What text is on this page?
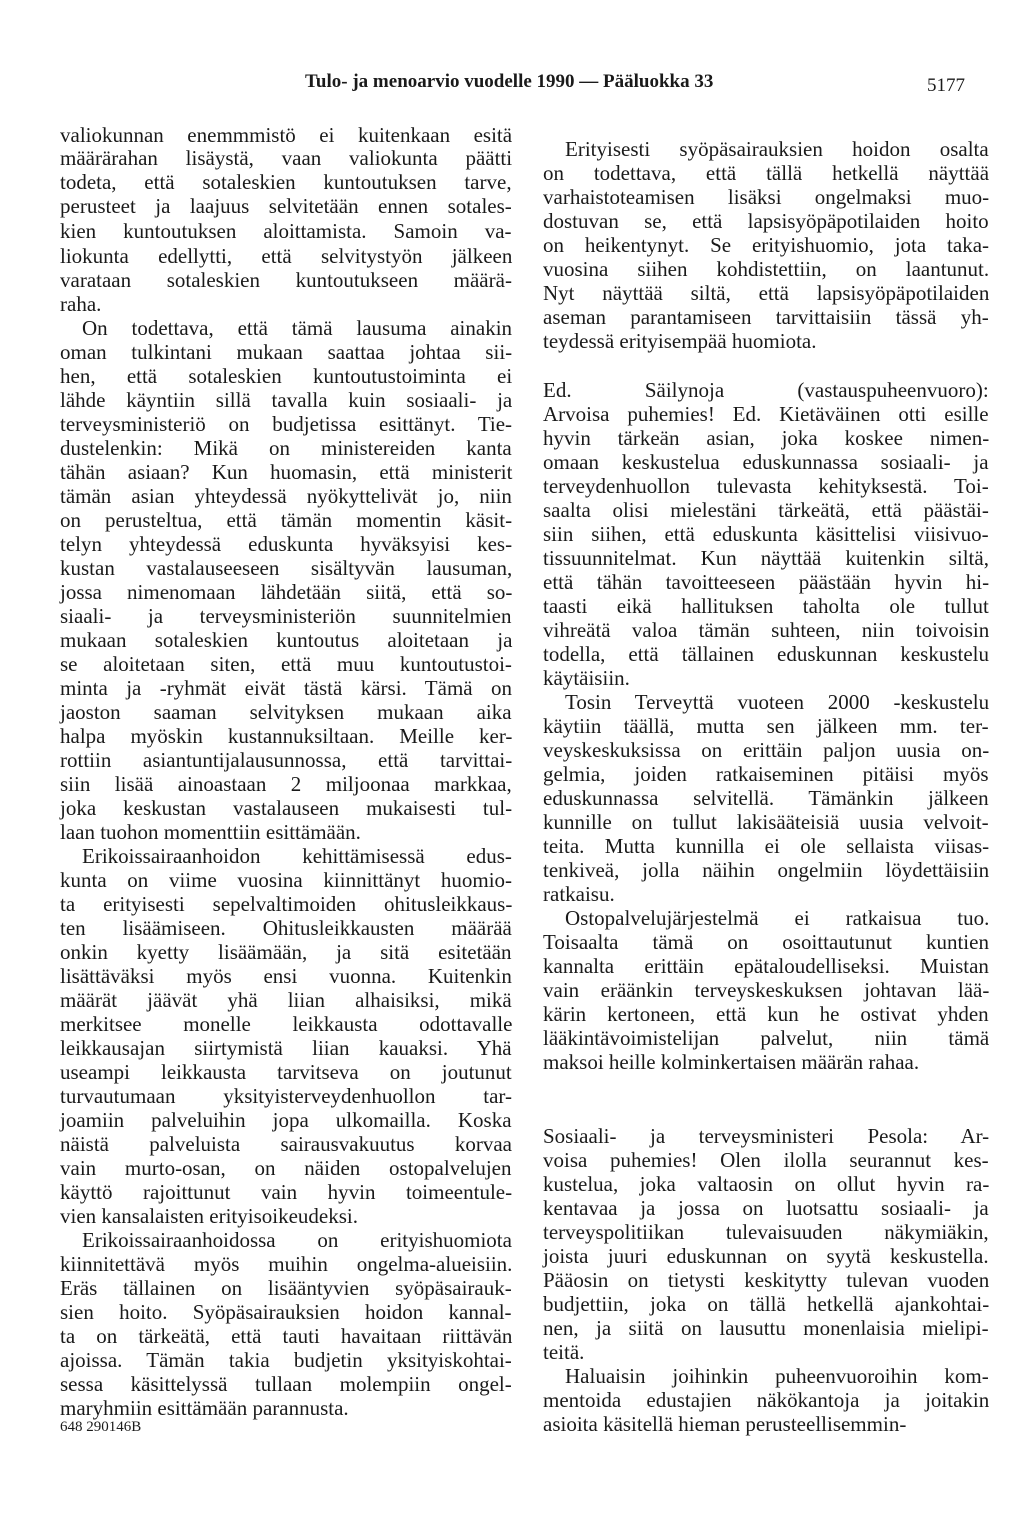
Tulo- ja menoarvio vuodelle 1990 — Pääluokka 33	5177
valiokunnan enemmmistö ei kuitenkaan esitä
määrärahan lisäystä, vaan valiokunta päätti
todeta, että sotaleskien kuntoutuksen tarve,
perusteet ja laajuus selvitetään ennen sotales-
kien kuntoutuksen aloittamista. Samoin va-
liokunta edellytti, että selvitystyön jälkeen
varataan sotaleskien kuntoutukseen määrä-
raha.
On todettava, että tämä lausuma ainakin
oman tulkintani mukaan saattaa johtaa sii-
hen, että sotaleskien kuntoutustoiminta ei
lähde käyntiin sillä tavalla kuin sosiaali- ja
terveysministeriö on budjetissa esittänyt. Tie-
dustelenkin: Mikä on ministereiden kanta
tähän asiaan? Kun huomasin, että ministerit
tämän asian yhteydessä nyökyttelivät jo, niin
on perusteltua, että tämän momentin käsit-
telyn yhteydessä eduskunta hyväksyisi kes-
kustan vastalauseeseen sisältyvän lausuman,
jossa nimenomaan lähdetään siitä, että so-
siaali- ja terveysministeriön suunnitelmien
mukaan sotaleskien kuntoutus aloitetaan ja
se aloitetaan siten, että muu kuntoutustoi-
minta ja -ryhmät eivät tästä kärsi. Tämä on
jaoston saaman selvityksen mukaan aika
halpa myöskin kustannuksiltaan. Meille ker-
rottiin asiantuntijalausunnossa, että tarvittai-
siin lisää ainoastaan 2 miljoonaa markkaa,
joka keskustan vastalauseen mukaisesti tul-
laan tuohon momenttiin esittämään.
Erikoissairaanhoidon kehittämisessä edus-
kunta on viime vuosina kiinnittänyt huomio-
ta erityisesti sepelvaltimoiden ohitusleikkaus-
ten lisäämiseen. Ohitusleikkausten määrää
onkin kyetty lisäämään, ja sitä esitetään
lisättäväksi myös ensi vuonna. Kuitenkin
määrät jäävät yhä liian alhaisiksi, mikä
merkitsee monelle leikkausta odottavalle
leikkausajan siirtymistä liian kauaksi. Yhä
useampi leikkausta tarvitseva on joutunut
turvautumaan yksityisterveydenhuollon tar-
joamiin palveluihin jopa ulkomailla. Koska
näistä palveluista sairausvakuutus korvaa
vain murto-osan, on näiden ostopalvelujen
käyttö rajoittunut vain hyvin toimeentule-
vien kansalaisten erityisoikeudeksi.
Erikoissairaanhoidossa on erityishuomiota
kiinnitettävä myös muihin ongelma-alueisiin.
Eräs tällainen on lisääntyvien syöpäsairauk-
sien hoito. Syöpäsairauksien hoidon kannal-
ta on tärkeätä, että tauti havaitaan riittävän
ajoissa. Tämän takia budjetin yksityiskohtai-
sessa käsittelyssä tullaan molempiin ongel-
maryhmiin esittämään parannusta.
Erityisesti syöpäsairauksien hoidon osalta
on todettava, että tällä hetkellä näyttää
varhaistoteamisen lisäksi ongelmaksi muo-
dostuvan se, että lapsisyöpäpotilaiden hoito
on heikentynyt. Se erityishuomio, jota taka-
vuosina siihen kohdistettiin, on laantunut.
Nyt näyttää siltä, että lapsisyöpäpotilaiden
aseman parantamiseen tarvittaisiin tässä yh-
teydessä erityisempää huomiota.
Ed. Säilynoja (vastauspuheenvuoro):
Arvoisa puhemies! Ed. Kietäväinen otti esille
hyvin tärkeän asian, joka koskee nimen-
omaan keskustelua eduskunnassa sosiaali- ja
terveydenhuollon tulevasta kehityksestä. Toi-
saalta olisi mielestäni tärkeätä, että päästäi-
siin siihen, että eduskunta käsittelisi viisivuo-
tissuunnitelmat. Kun näyttää kuitenkin siltä,
että tähän tavoitteeseen päästään hyvin hi-
taasti eikä hallituksen taholta ole tullut
vihreätä valoa tämän suhteen, niin toivoisin
todella, että tällainen eduskunnan keskustelu
käytäisiin.
Tosin Terveyttä vuoteen 2000 -keskustelu
käytiin täällä, mutta sen jälkeen mm. ter-
veyskeskuksissa on erittäin paljon uusia on-
gelmia, joiden ratkaiseminen pitäisi myös
eduskunnassa selvitellä. Tämänkin jälkeen
kunnille on tullut lakisääteisiä uusia velvoit-
teita. Mutta kunnilla ei ole sellaista viisas-
tenkiveä, jolla näihin ongelmiin löydettäisiin
ratkaisu.
Ostopalvelujärjestelmä ei ratkaisua tuo.
Toisaalta tämä on osoittautunut kuntien
kannalta erittäin epätaloudelliseksi. Muistan
vain eräänkin terveyskeskuksen johtavan lää-
kärin kertoneen, että kun he ostivat yhden
lääkintävoimistelijan palvelut, niin tämä
maksoi heille kolminkertaisen määrän rahaa.
Sosiaali- ja terveysministeri Pesola: Ar-
voisa puhemies! Olen ilolla seurannut kes-
kustelua, joka valtaosin on ollut hyvin ra-
kentavaa ja jossa on luotsattu sosiaali- ja
terveyspolitiikan tulevaisuuden näkymiäkin,
joista juuri eduskunnan on syytä keskustella.
Pääosin on tietysti keskitytty tulevan vuoden
budjettiin, joka on tällä hetkellä ajankohtai-
nen, ja siitä on lausuttu monenlaisia mielipi-
teitä.
Haluaisin joihinkin puheenvuoroihin kom-
mentoida edustajien näkökantoja ja joitakin
asioita käsitellä hieman perusteellisemmin-
648 290146B
